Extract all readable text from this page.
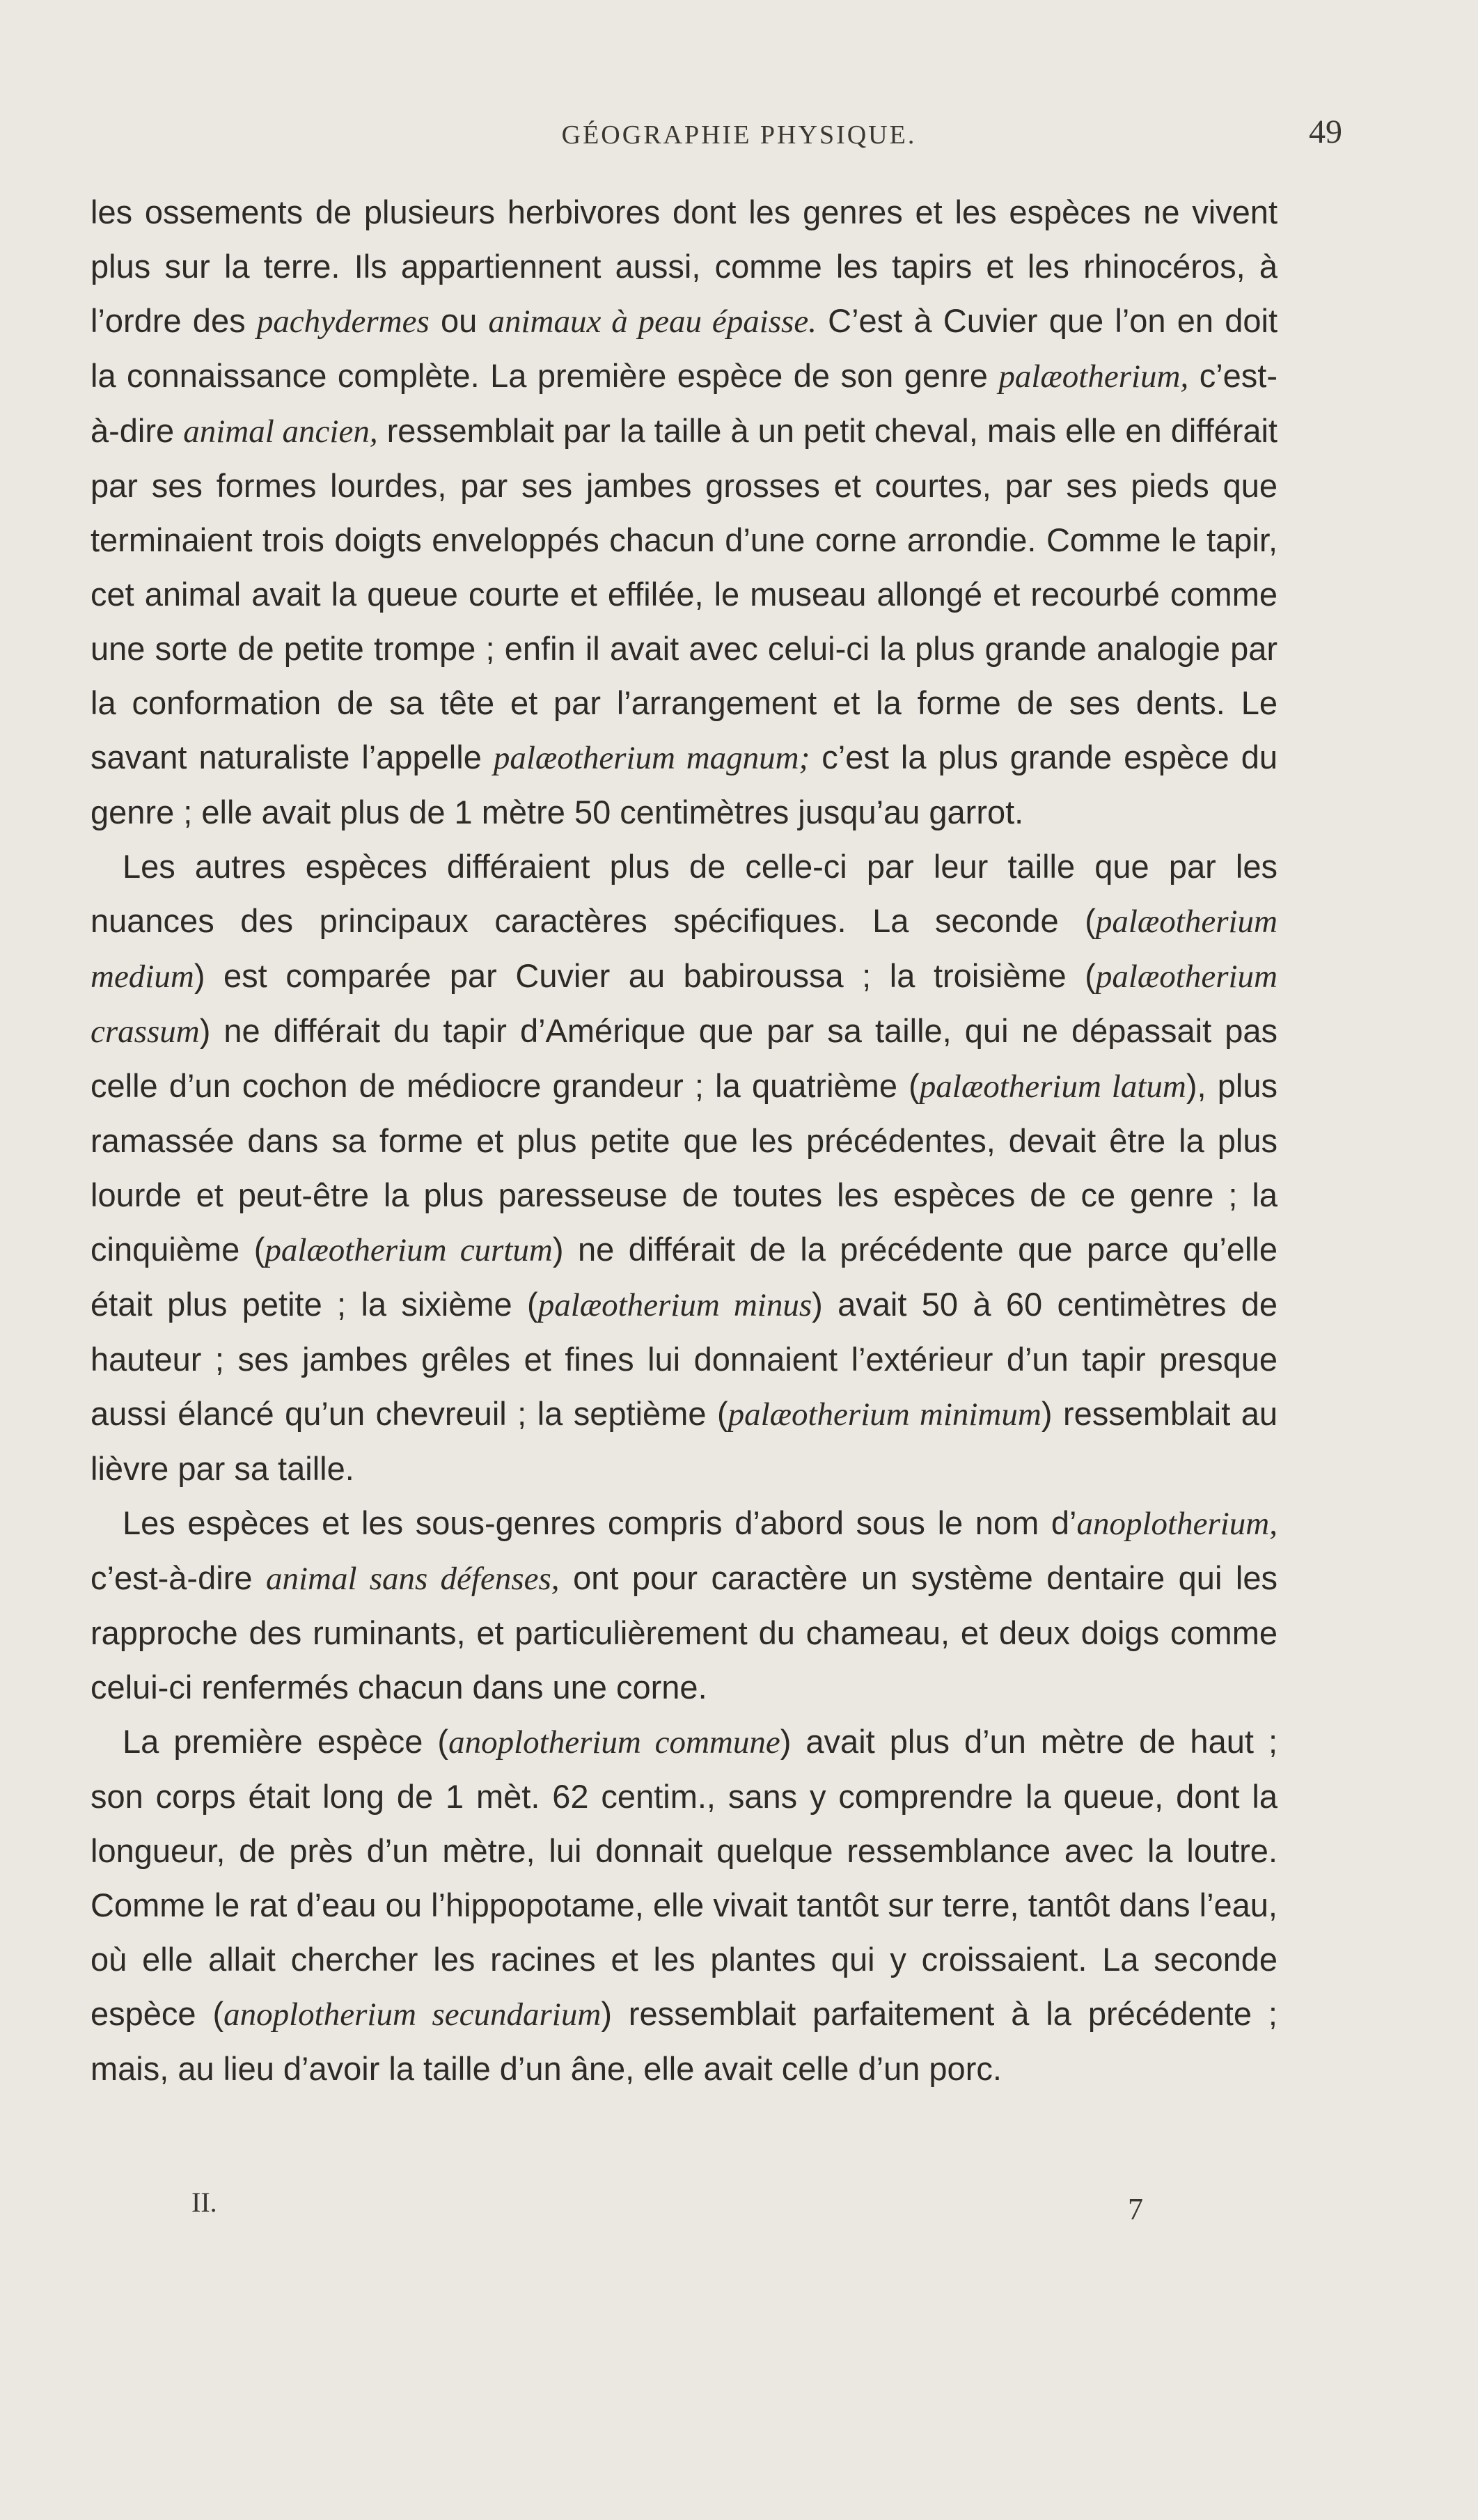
GÉOGRAPHIE PHYSIQUE.	49

les ossements de plusieurs herbivores dont les genres et les espèces ne vivent plus sur la terre. Ils appartiennent aussi, comme les tapirs et les rhinocéros, à l’ordre des pachydermes ou animaux à peau épaisse. C’est à Cuvier que l’on en doit la connaissance complète. La première espèce de son genre palæotherium, c’est-à-dire animal ancien, ressemblait par la taille à un petit cheval, mais elle en différait par ses formes lourdes, par ses jambes grosses et courtes, par ses pieds que terminaient trois doigts enveloppés chacun d’une corne arrondie. Comme le tapir, cet animal avait la queue courte et effilée, le museau allongé et recourbé comme une sorte de petite trompe ; enfin il avait avec celui-ci la plus grande analogie par la conformation de sa tête et par l’arrangement et la forme de ses dents. Le savant naturaliste l’appelle palæotherium magnum; c’est la plus grande espèce du genre ; elle avait plus de 1 mètre 50 centimètres jusqu’au garrot.

Les autres espèces différaient plus de celle-ci par leur taille que par les nuances des principaux caractères spécifiques. La seconde (palæotherium medium) est comparée par Cuvier au babiroussa ; la troisième (palæotherium crassum) ne différait du tapir d’Amérique que par sa taille, qui ne dépassait pas celle d’un cochon de médiocre grandeur ; la quatrième (palæotherium latum), plus ramassée dans sa forme et plus petite que les précédentes, devait être la plus lourde et peut-être la plus paresseuse de toutes les espèces de ce genre ; la cinquième (palæotherium curtum) ne différait de la précédente que parce qu’elle était plus petite ; la sixième (palæotherium minus) avait 50 à 60 centimètres de hauteur ; ses jambes grêles et fines lui donnaient l’extérieur d’un tapir presque aussi élancé qu’un chevreuil ; la septième (palæotherium minimum) ressemblait au lièvre par sa taille.

Les espèces et les sous-genres compris d’abord sous le nom d’anoplotherium, c’est-à-dire animal sans défenses, ont pour caractère un système dentaire qui les rapproche des ruminants, et particulièrement du chameau, et deux doigs comme celui-ci renfermés chacun dans une corne.

La première espèce (anoplotherium commune) avait plus d’un mètre de haut ; son corps était long de 1 mèt. 62 centim., sans y comprendre la queue, dont la longueur, de près d’un mètre, lui donnait quelque ressemblance avec la loutre. Comme le rat d’eau ou l’hippopotame, elle vivait tantôt sur terre, tantôt dans l’eau, où elle allait chercher les racines et les plantes qui y croissaient. La seconde espèce (anoplotherium secundarium) ressemblait parfaitement à la précédente ; mais, au lieu d’avoir la taille d’un âne, elle avait celle d’un porc.

II.	7
